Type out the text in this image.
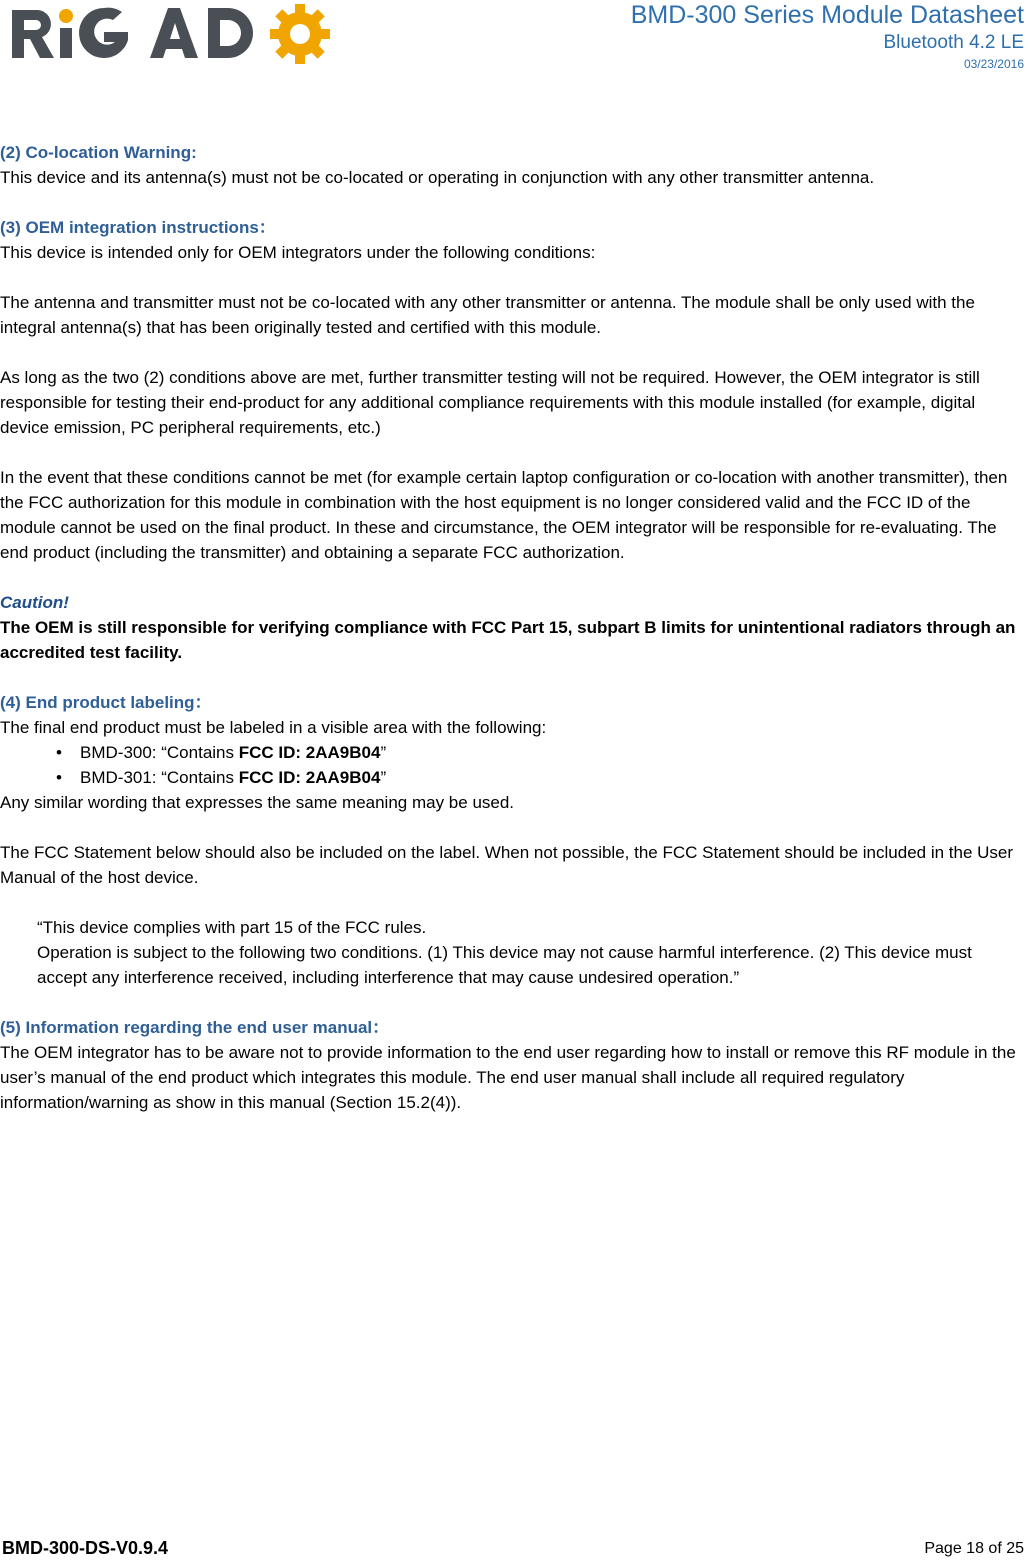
BMD-300 Series Module Datasheet
Bluetooth 4.2 LE
03/23/2016

(2) Co-location Warning:

This device and its antenna(s) must not be co-located or operating in conjunction with any other transmitter antenna.

(3) OEM integration instructions：

This device is intended only for OEM integrators under the following conditions:

The antenna and transmitter must not be co-located with any other transmitter or antenna. The module shall be only used with the integral antenna(s) that has been originally tested and certified with this module.

As long as the two (2) conditions above are met, further transmitter testing will not be required. However, the OEM integrator is still responsible for testing their end-product for any additional compliance requirements with this module installed (for example, digital device emission, PC peripheral requirements, etc.)

In the event that these conditions cannot be met (for example certain laptop configuration or co-location with another transmitter), then the FCC authorization for this module in combination with the host equipment is no longer considered valid and the FCC ID of the module cannot be used on the final product. In these and circumstance, the OEM integrator will be responsible for re-evaluating. The end product (including the transmitter) and obtaining a separate FCC authorization.

Caution!

The OEM is still responsible for verifying compliance with FCC Part 15, subpart B limits for unintentional radiators through an accredited test facility.

(4) End product labeling：

The final end product must be labeled in a visible area with the following:

• BMD-300: “Contains FCC ID: 2AA9B04”
• BMD-301: “Contains FCC ID: 2AA9B04”

Any similar wording that expresses the same meaning may be used.

The FCC Statement below should also be included on the label. When not possible, the FCC Statement should be included in the User Manual of the host device.

“This device complies with part 15 of the FCC rules.

Operation is subject to the following two conditions. (1) This device may not cause harmful interference. (2) This device must accept any interference received, including interference that may cause undesired operation.”

(5) Information regarding the end user manual：

The OEM integrator has to be aware not to provide information to the end user regarding how to install or remove this RF module in the user’s manual of the end product which integrates this module. The end user manual shall include all required regulatory information/warning as show in this manual (Section 15.2(4)).

BMD-300-DS-V0.9.4	Page 18 of 25
